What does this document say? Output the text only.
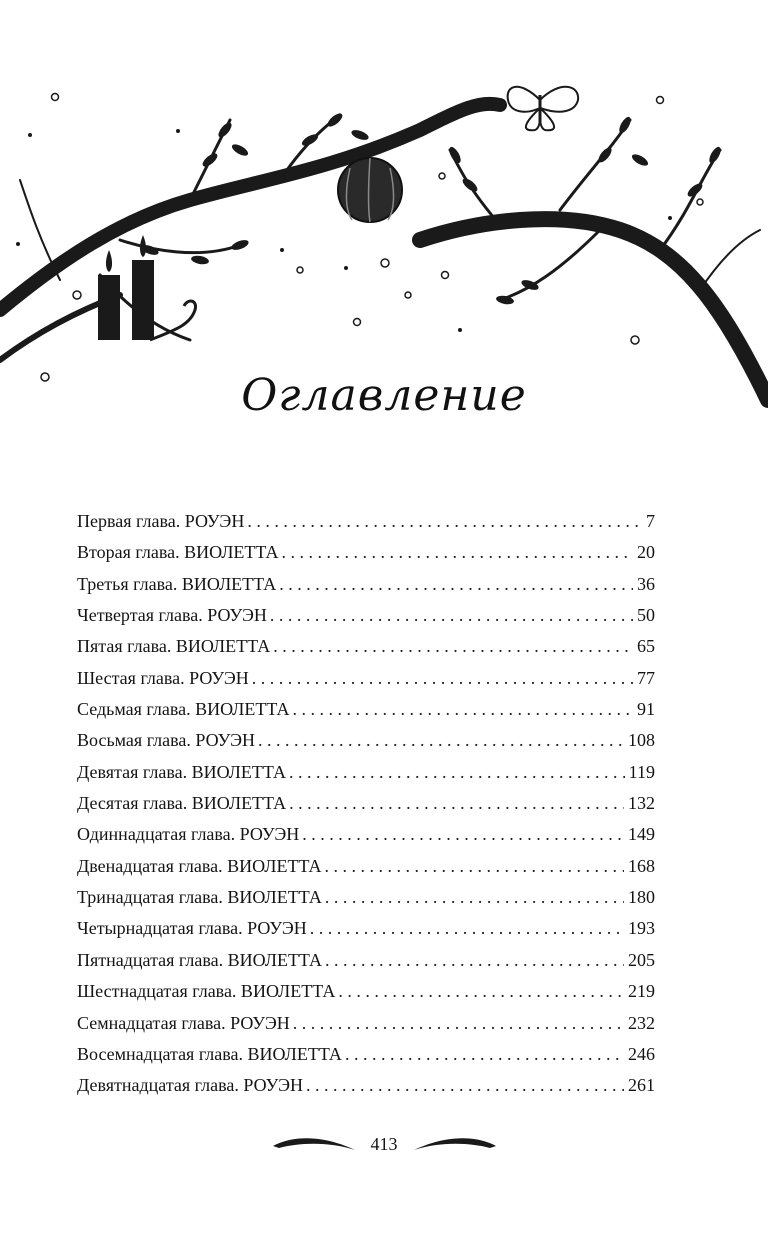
Оглавление
Первая глава. РОУЭН . . .	7
Вторая глава. ВИОЛЕТТА . . .	20
Третья глава. ВИОЛЕТТА . . .	36
Четвертая глава. РОУЭН . . .	50
Пятая глава. ВИОЛЕТТА . . .	65
Шестая глава. РОУЭН . . .	77
Седьмая глава. ВИОЛЕТТА . . .	91
Восьмая глава. РОУЭН . . .	108
Девятая глава. ВИОЛЕТТА . . .	119
Десятая глава. ВИОЛЕТТА . . .	132
Одиннадцатая глава. РОУЭН . . .	149
Двенадцатая глава. ВИОЛЕТТА . . .	168
Тринадцатая глава. ВИОЛЕТТА . . .	180
Четырнадцатая глава. РОУЭН . . .	193
Пятнадцатая глава. ВИОЛЕТТА . . .	205
Шестнадцатая глава. ВИОЛЕТТА . . .	219
Семнадцатая глава. РОУЭН . . .	232
Восемнадцатая глава. ВИОЛЕТТА . . .	246
Девятнадцатая глава. РОУЭН . . .	261
413
